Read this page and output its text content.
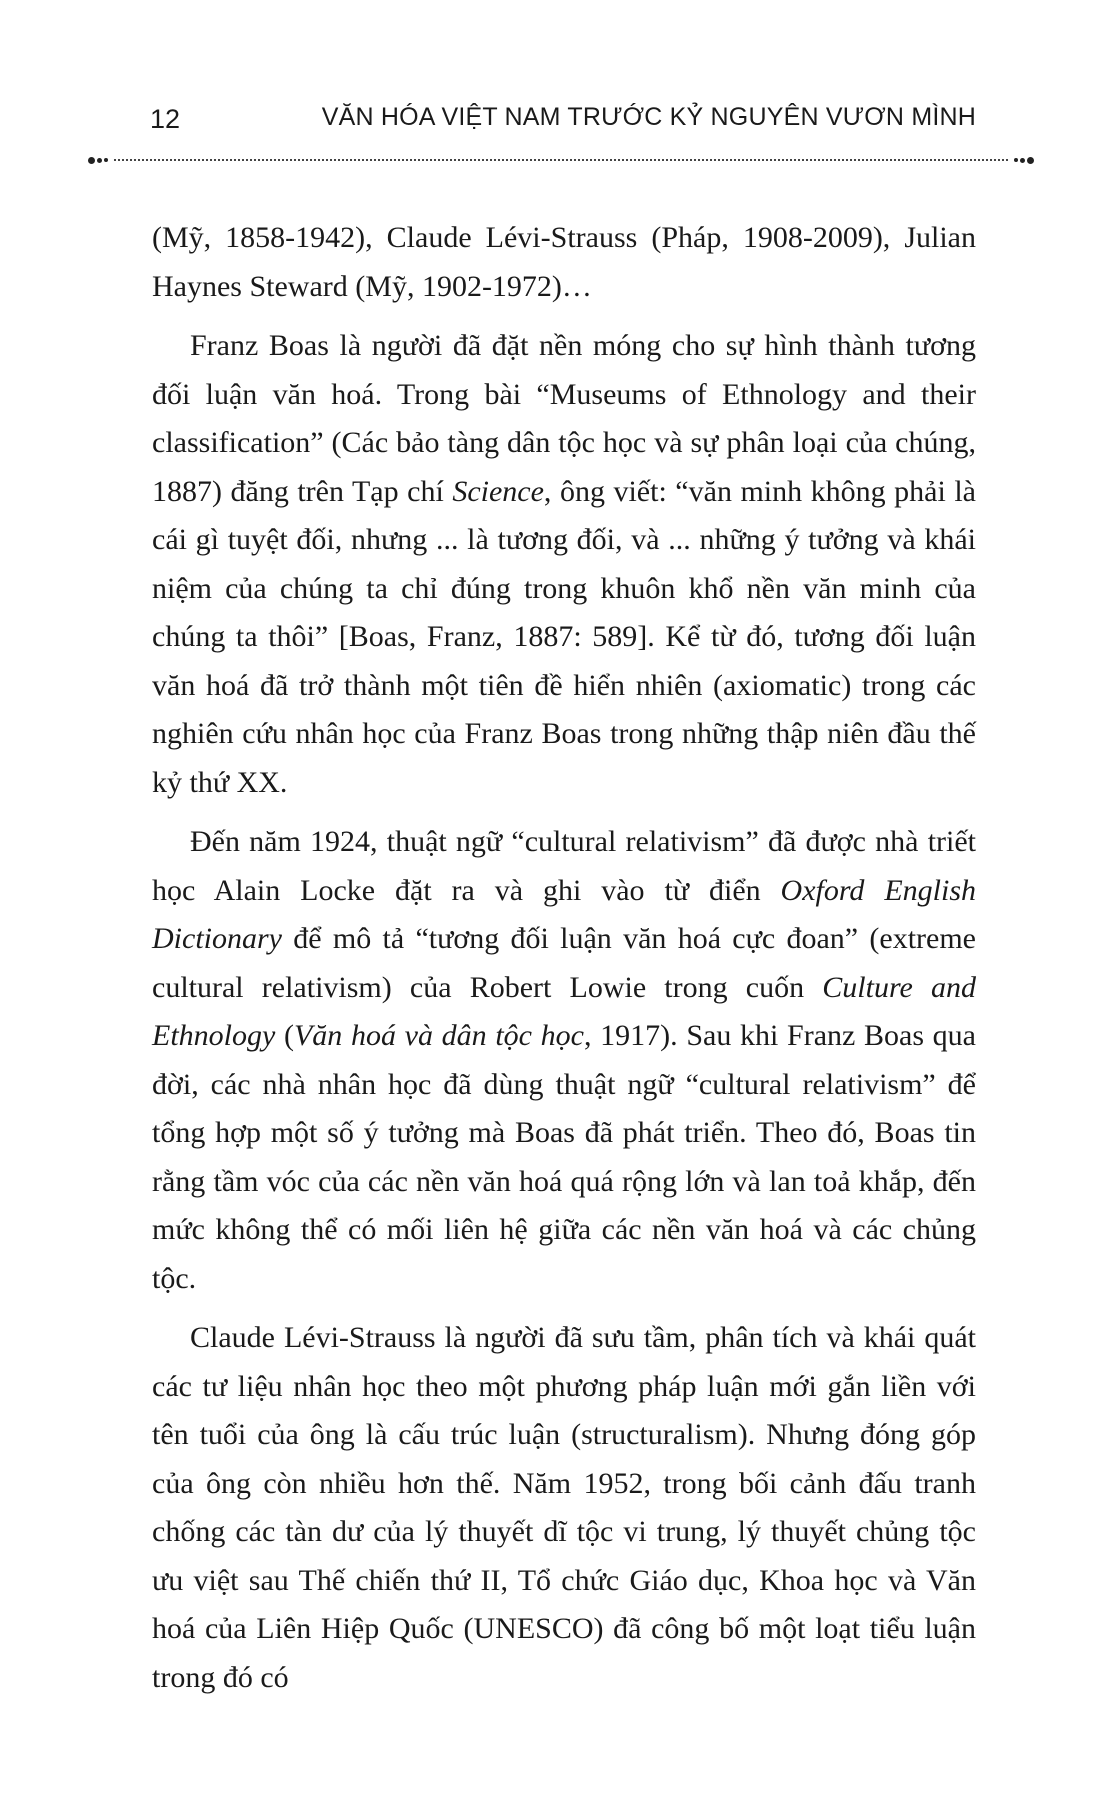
12	VĂN HÓA VIỆT NAM TRƯỚC KỶ NGUYÊN VƯƠN MÌNH

(Mỹ, 1858-1942), Claude Lévi-Strauss (Pháp, 1908-2009), Julian Haynes Steward (Mỹ, 1902-1972)…

Franz Boas là người đã đặt nền móng cho sự hình thành tương đối luận văn hoá. Trong bài “Museums of Ethnology and their classification” (Các bảo tàng dân tộc học và sự phân loại của chúng, 1887) đăng trên Tạp chí Science, ông viết: “văn minh không phải là cái gì tuyệt đối, nhưng ... là tương đối, và ... những ý tưởng và khái niệm của chúng ta chỉ đúng trong khuôn khổ nền văn minh của chúng ta thôi” [Boas, Franz, 1887: 589]. Kể từ đó, tương đối luận văn hoá đã trở thành một tiên đề hiển nhiên (axiomatic) trong các nghiên cứu nhân học của Franz Boas trong những thập niên đầu thế kỷ thứ XX.

Đến năm 1924, thuật ngữ “cultural relativism” đã được nhà triết học Alain Locke đặt ra và ghi vào từ điển Oxford English Dictionary để mô tả “tương đối luận văn hoá cực đoan” (extreme cultural relativism) của Robert Lowie trong cuốn Culture and Ethnology (Văn hoá và dân tộc học, 1917). Sau khi Franz Boas qua đời, các nhà nhân học đã dùng thuật ngữ “cultural relativism” để tổng hợp một số ý tưởng mà Boas đã phát triển. Theo đó, Boas tin rằng tầm vóc của các nền văn hoá quá rộng lớn và lan toả khắp, đến mức không thể có mối liên hệ giữa các nền văn hoá và các chủng tộc.

Claude Lévi-Strauss là người đã sưu tầm, phân tích và khái quát các tư liệu nhân học theo một phương pháp luận mới gắn liền với tên tuổi của ông là cấu trúc luận (structuralism). Nhưng đóng góp của ông còn nhiều hơn thế. Năm 1952, trong bối cảnh đấu tranh chống các tàn dư của lý thuyết dĩ tộc vi trung, lý thuyết chủng tộc ưu việt sau Thế chiến thứ II, Tổ chức Giáo dục, Khoa học và Văn hoá của Liên Hiệp Quốc (UNESCO) đã công bố một loạt tiểu luận trong đó có
